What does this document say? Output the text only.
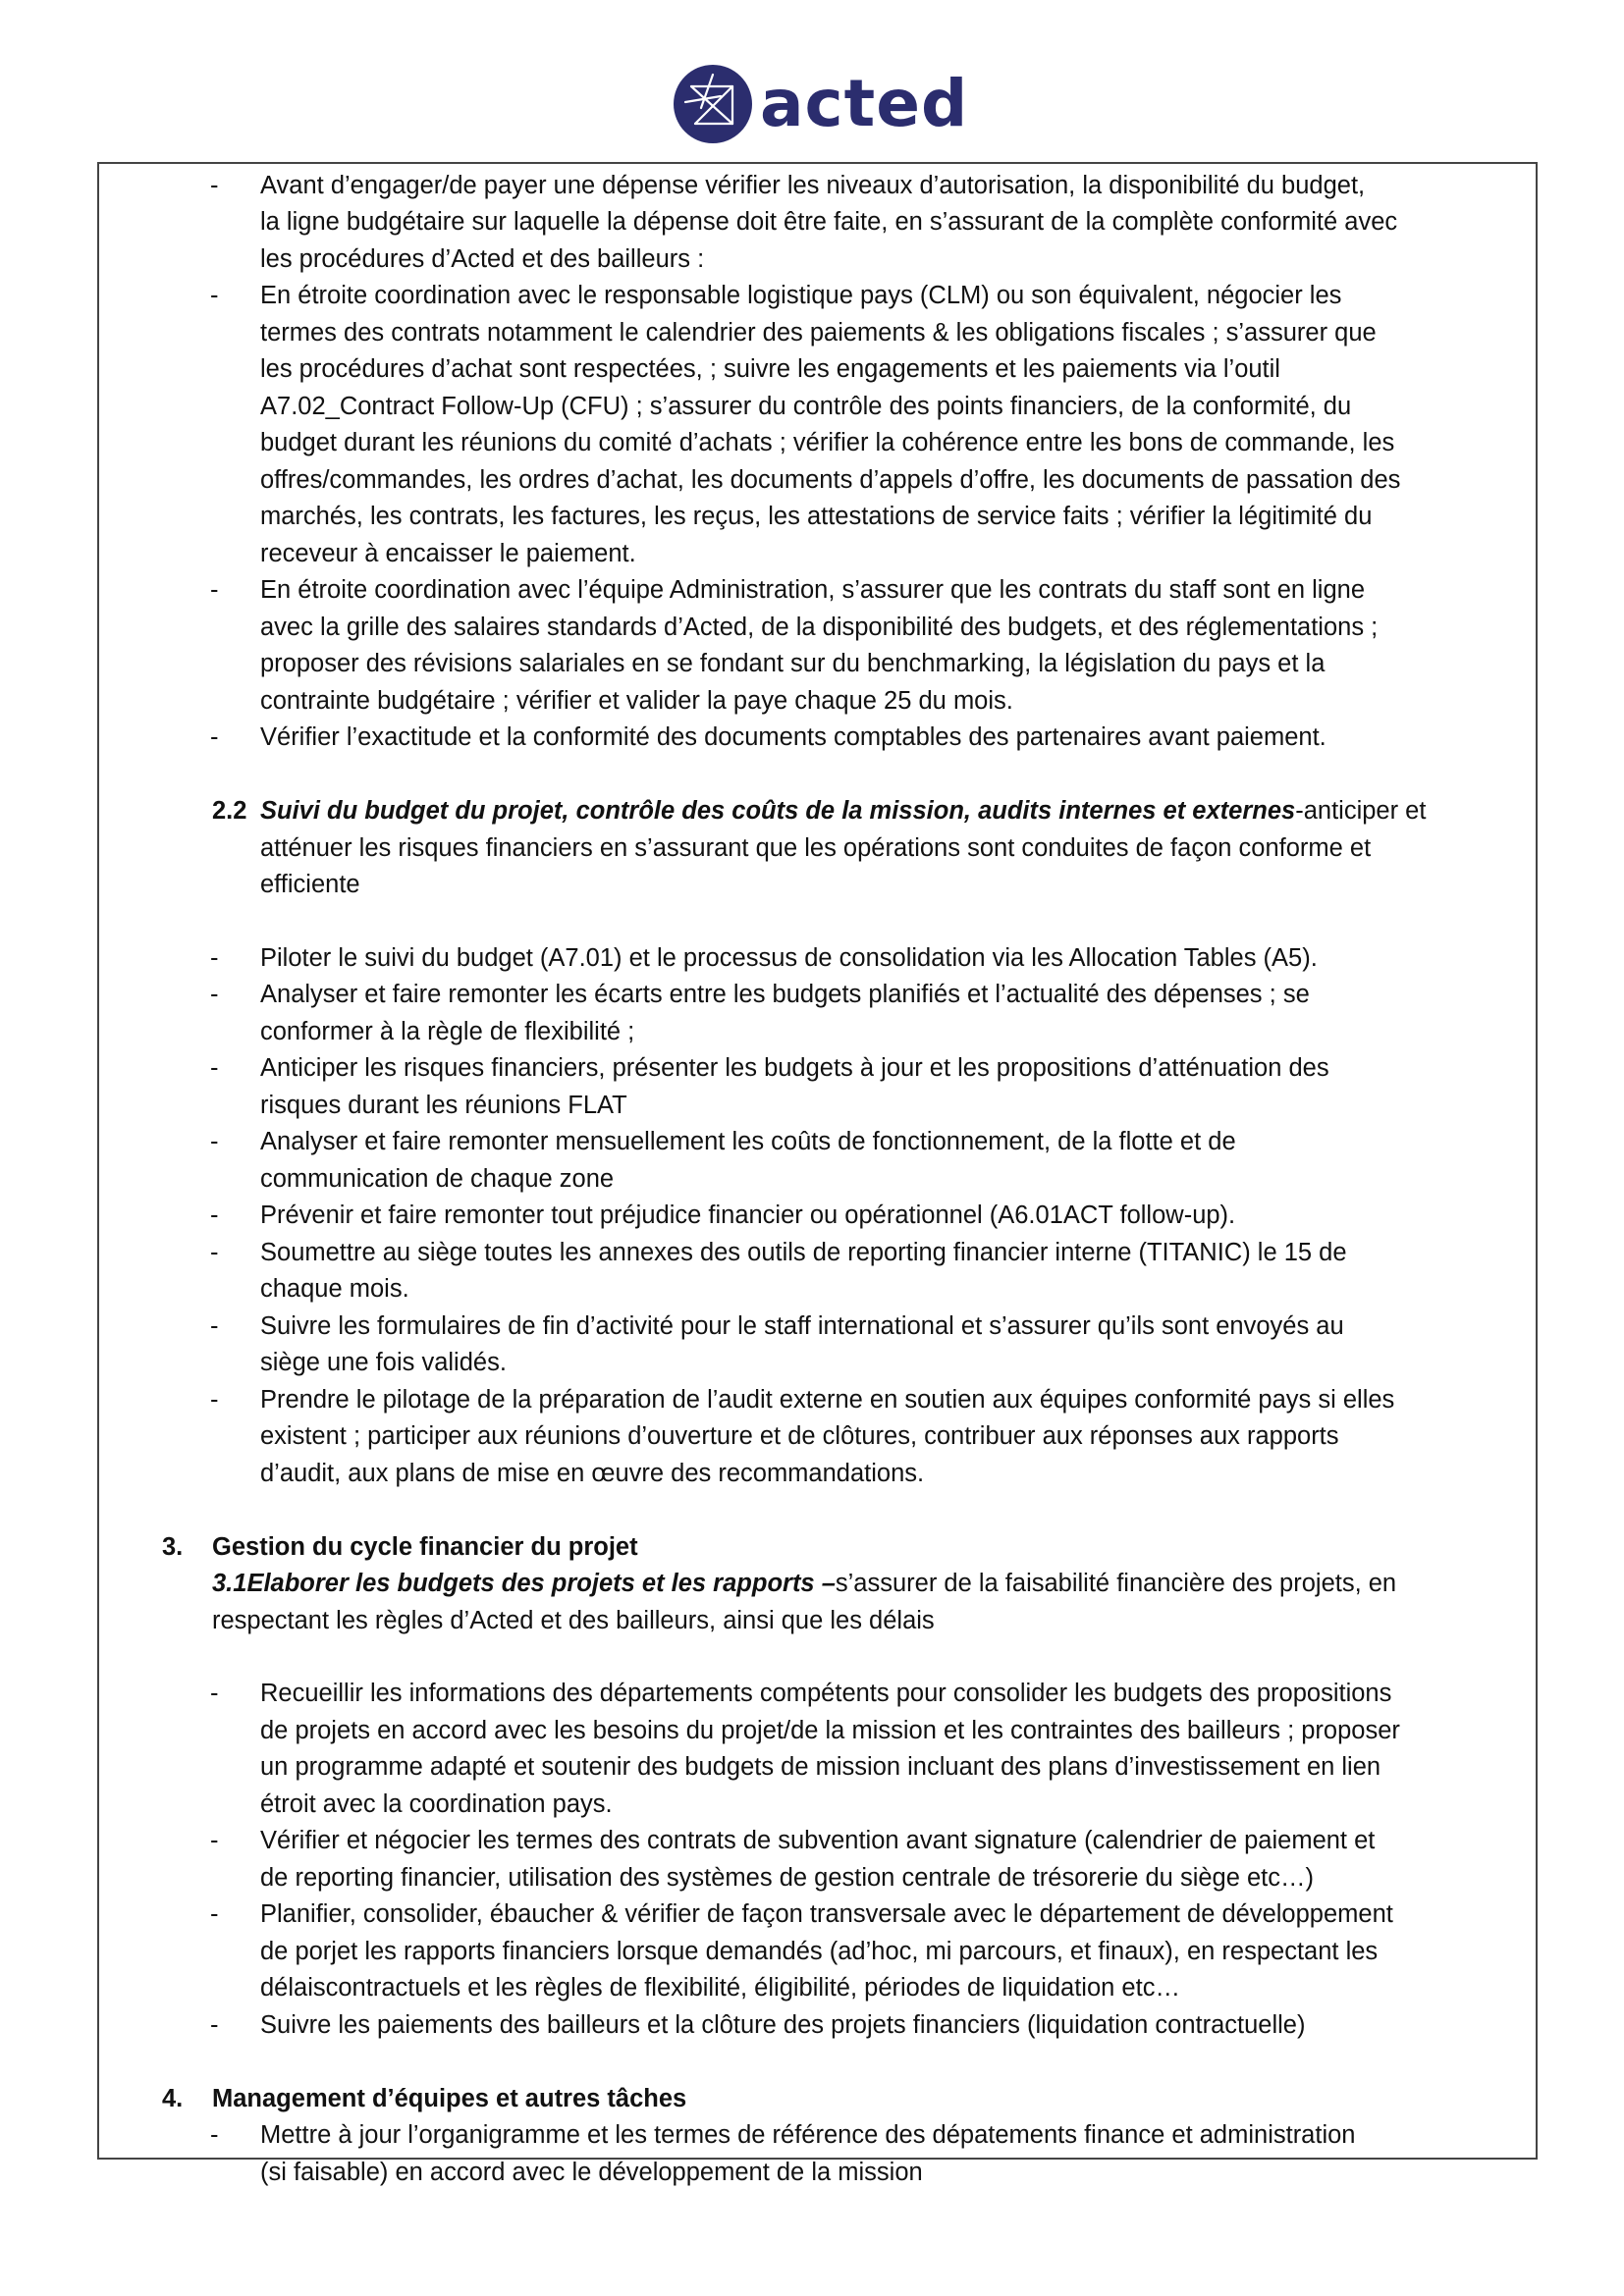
acted
- Avant d’engager/de payer une dépense vérifier les niveaux d’autorisation, la disponibilité du budget,
la ligne budgétaire sur laquelle la dépense doit être faite, en s’assurant de la complète conformité avec
les procédures d’Acted et des bailleurs :
- En étroite coordination avec le responsable logistique pays (CLM) ou son équivalent, négocier les
termes des contrats notamment le calendrier des paiements & les obligations fiscales ; s’assurer que
les procédures d’achat sont respectées, ; suivre les engagements et les paiements via l’outil
A7.02_Contract Follow-Up (CFU) ; s’assurer du contrôle des points financiers, de la conformité, du
budget durant les réunions du comité d’achats ; vérifier la cohérence entre les bons de commande, les
offres/commandes, les ordres d’achat, les documents d’appels d’offre, les documents de passation des
marchés, les contrats, les factures, les reçus, les attestations de service faits ; vérifier la légitimité du
receveur à encaisser le paiement.
- En étroite coordination avec l’équipe Administration, s’assurer que les contrats du staff sont en ligne
avec la grille des salaires standards d’Acted, de la disponibilité des budgets, et des réglementations ;
proposer des révisions salariales en se fondant sur du benchmarking, la législation du pays et la
contrainte budgétaire ; vérifier et valider la paye chaque 25 du mois.
- Vérifier l’exactitude et la conformité des documents comptables des partenaires avant paiement.
2.2 Suivi du budget du projet, contrôle des coûts de la mission, audits internes et externes-anticiper et
atténuer les risques financiers en s’assurant que les opérations sont conduites de façon conforme et
efficiente
- Piloter le suivi du budget (A7.01) et le processus de consolidation via les Allocation Tables (A5).
- Analyser et faire remonter les écarts entre les budgets planifiés et l’actualité des dépenses ; se
conformer à la règle de flexibilité ;
- Anticiper les risques financiers, présenter les budgets à jour et les propositions d’atténuation des
risques durant les réunions FLAT
- Analyser et faire remonter mensuellement les coûts de fonctionnement, de la flotte et de
communication de chaque zone
- Prévenir et faire remonter tout préjudice financier ou opérationnel (A6.01ACT follow-up).
- Soumettre au siège toutes les annexes des outils de reporting financier interne (TITANIC) le 15 de
chaque mois.
- Suivre les formulaires de fin d’activité pour le staff international et s’assurer qu’ils sont envoyés au
siège une fois validés.
- Prendre le pilotage de la préparation de l’audit externe en soutien aux équipes conformité pays si elles
existent ; participer aux réunions d’ouverture et de clôtures, contribuer aux réponses aux rapports
d’audit, aux plans de mise en œuvre des recommandations.
3. Gestion du cycle financier du projet
3.1Elaborer les budgets des projets et les rapports –s’assurer de la faisabilité financière des projets, en
respectant les règles d’Acted et des bailleurs, ainsi que les délais
- Recueillir les informations des départements compétents pour consolider les budgets des propositions
de projets en accord avec les besoins du projet/de la mission et les contraintes des bailleurs ; proposer
un programme adapté et soutenir des budgets de mission incluant des plans d’investissement en lien
étroit avec la coordination pays.
- Vérifier et négocier les termes des contrats de subvention avant signature (calendrier de paiement et
de reporting financier, utilisation des systèmes de gestion centrale de trésorerie du siège etc…)
- Planifier, consolider, ébaucher & vérifier de façon transversale avec le département de développement
de porjet les rapports financiers lorsque demandés (ad’hoc, mi parcours, et finaux), en respectant les
délaiscontractuels et les règles de flexibilité, éligibilité, périodes de liquidation etc…
- Suivre les paiements des bailleurs et la clôture des projets financiers (liquidation contractuelle)
4. Management d’équipes et autres tâches
- Mettre à jour l’organigramme et les termes de référence des dépatements finance et administration
(si faisable) en accord avec le développement de la mission
